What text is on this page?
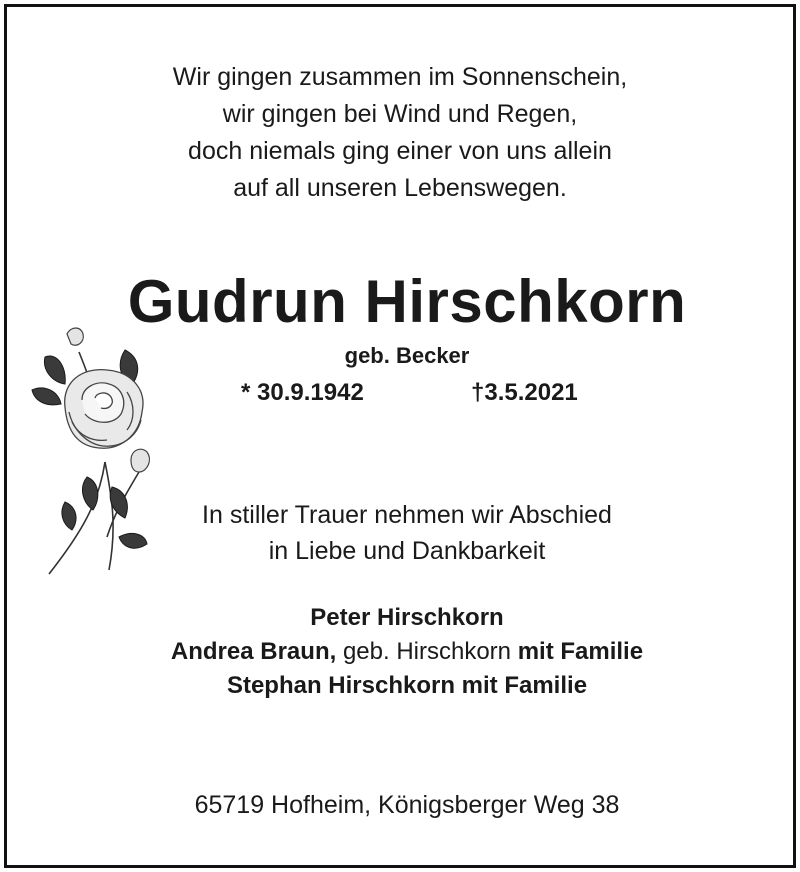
Wir gingen zusammen im Sonnenschein,
wir gingen bei Wind und Regen,
doch niemals ging einer von uns allein
auf all unseren Lebenswegen.
Gudrun Hirschkorn
geb. Becker
* 30.9.1942	†3.5.2021
In stiller Trauer nehmen wir Abschied
in Liebe und Dankbarkeit
Peter Hirschkorn
Andrea Braun, geb. Hirschkorn mit Familie
Stephan Hirschkorn mit Familie
65719 Hofheim, Königsberger Weg 38
